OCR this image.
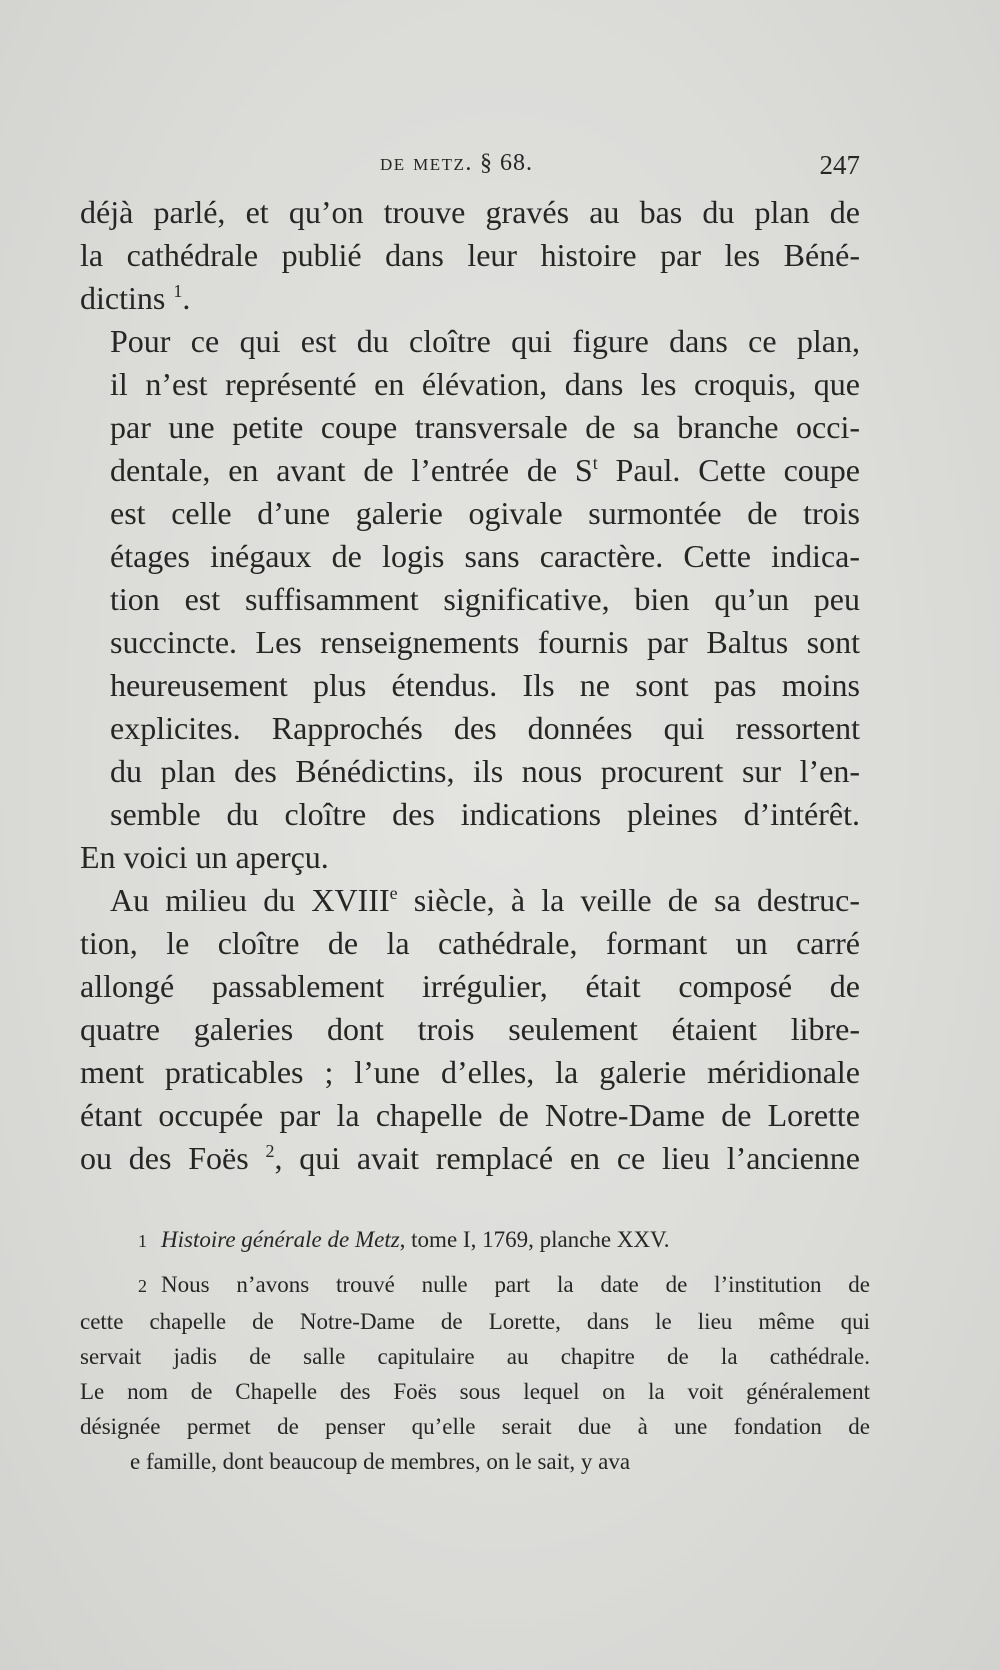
de metz. § 68.	247

déjà parlé, et qu’on trouve gravés au bas du plan de
la cathédrale publié dans leur histoire par les Béné-
dictins $^1$.

Pour ce qui est du cloître qui figure dans ce plan,
il n’est représenté en élévation, dans les croquis, que
par une petite coupe transversale de sa branche occi-
dentale, en avant de l’entrée de $S^t$ Paul. Cette coupe
est celle d’une galerie ogivale surmontée de trois
étages inégaux de logis sans caractère. Cette indica-
tion est suffisamment significative, bien qu’un peu
succincte. Les renseignements fournis par Baltus sont
heureusement plus étendus. Ils ne sont pas moins
explicites. Rapprochés des données qui ressortent
du plan des Bénédictins, ils nous procurent sur l’en-
semble du cloître des indications pleines d’intérêt.
En voici un aperçu.

Au milieu du XVIIIe siècle, à la veille de sa destruc-
tion, le cloître de la cathédrale, formant un carré
allongé passablement irrégulier, était composé de
quatre galeries dont trois seulement étaient libre-
ment praticables ; l’une d’elles, la galerie méridionale
étant occupée par la chapelle de Notre-Dame de Lorette
ou des Foës $^2$, qui avait remplacé en ce lieu l’ancienne

1 Histoire générale de Metz, tome I, 1769, planche XXV.
2 Nous n’avons trouvé nulle part la date de l’institution de
cette chapelle de Notre-Dame de Lorette, dans le lieu même qui
servait jadis de salle capitulaire au chapitre de la cathédrale.
Le nom de Chapelle des Foës sous lequel on la voit généralement
désignée permet de penser qu’elle serait due à une fondation de
e famille, dont beaucoup de membres, on le sait, y ava
